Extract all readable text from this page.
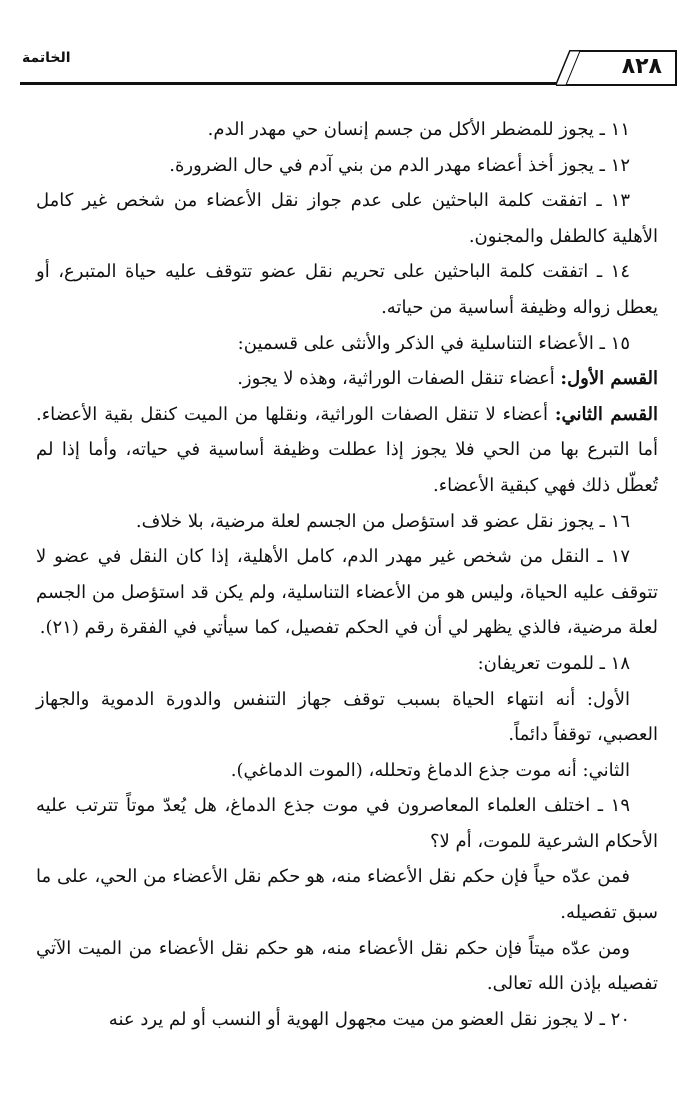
الخاتمة	٨٢٨

١١ ـ يجوز للمضطر الأكل من جسم إنسان حي مهدر الدم.

١٢ ـ يجوز أخذ أعضاء مهدر الدم من بني آدم في حال الضرورة.

١٣ ـ اتفقت كلمة الباحثين على عدم جواز نقل الأعضاء من شخص غير كامل الأهلية كالطفل والمجنون.

١٤ ـ اتفقت كلمة الباحثين على تحريم نقل عضو تتوقف عليه حياة المتبرع، أو يعطل زواله وظيفة أساسية من حياته.

١٥ ـ الأعضاء التناسلية في الذكر والأنثى على قسمين:

القسم الأول: أعضاء تنقل الصفات الوراثية، وهذه لا يجوز.

القسم الثاني: أعضاء لا تنقل الصفات الوراثية، ونقلها من الميت كنقل بقية الأعضاء. أما التبرع بها من الحي فلا يجوز إذا عطلت وظيفة أساسية في حياته، وأما إذا لم تُعطّل ذلك فهي كبقية الأعضاء.

١٦ ـ يجوز نقل عضو قد استؤصل من الجسم لعلة مرضية، بلا خلاف.

١٧ ـ النقل من شخص غير مهدر الدم، كامل الأهلية، إذا كان النقل في عضو لا تتوقف عليه الحياة، وليس هو من الأعضاء التناسلية، ولم يكن قد استؤصل من الجسم لعلة مرضية، فالذي يظهر لي أن في الحكم تفصيل، كما سيأتي في الفقرة رقم (٢١).

١٨ ـ للموت تعريفان:

الأول: أنه انتهاء الحياة بسبب توقف جهاز التنفس والدورة الدموية والجهاز العصبي، توقفاً دائماً.

الثاني: أنه موت جذع الدماغ وتحلله، (الموت الدماغي).

١٩ ـ اختلف العلماء المعاصرون في موت جذع الدماغ، هل يُعدّ موتاً تترتب عليه الأحكام الشرعية للموت، أم لا؟

فمن عدّه حياً فإن حكم نقل الأعضاء منه، هو حكم نقل الأعضاء من الحي، على ما سبق تفصيله.

ومن عدّه ميتاً فإن حكم نقل الأعضاء منه، هو حكم نقل الأعضاء من الميت الآتي تفصيله بإذن الله تعالى.

٢٠ ـ لا يجوز نقل العضو من ميت مجهول الهوية أو النسب أو لم يرد عنه
